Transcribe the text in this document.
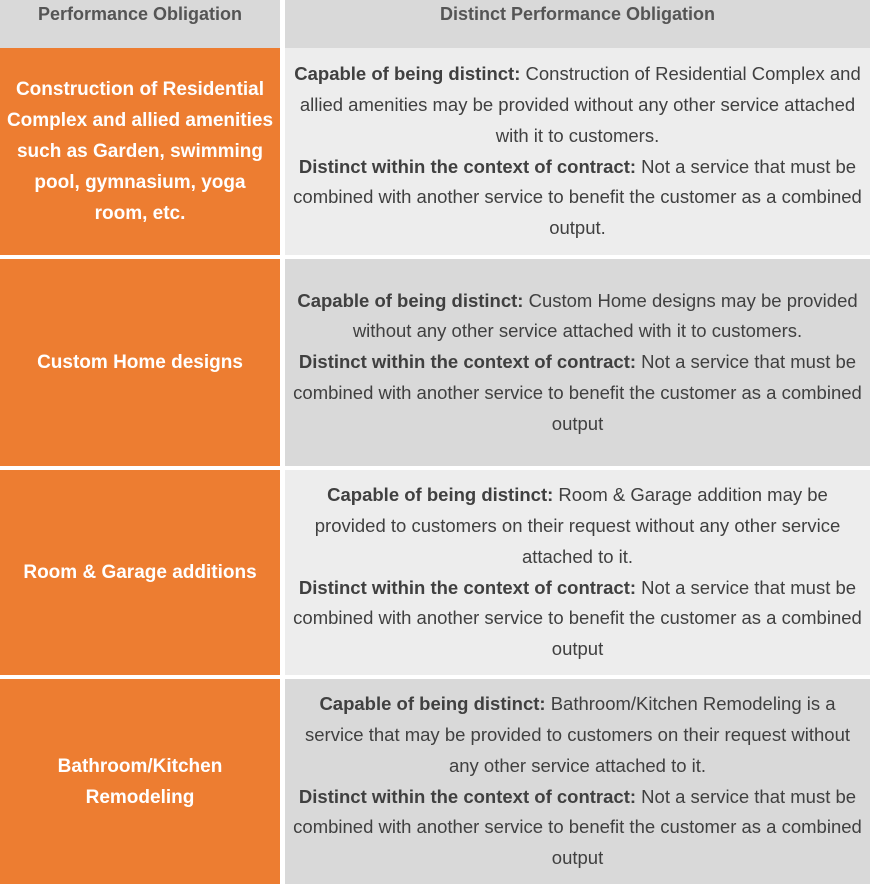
Performance Obligation	Distinct Performance Obligation
Construction of Residential Complex and allied amenities such as Garden, swimming pool, gymnasium, yoga room, etc.

Capable of being distinct: Construction of Residential Complex and allied amenities may be provided without any other service attached with it to customers.

Distinct within the context of contract: Not a service that must be combined with another service to benefit the customer as a combined output.

Custom Home designs

Capable of being distinct: Custom Home designs may be provided without any other service attached with it to customers.

Distinct within the context of contract: Not a service that must be combined with another service to benefit the customer as a combined output

Room & Garage additions

Capable of being distinct: Room & Garage addition may be provided to customers on their request without any other service attached to it.

Distinct within the context of contract: Not a service that must be combined with another service to benefit the customer as a combined output

Bathroom/Kitchen Remodeling

Capable of being distinct: Bathroom/Kitchen Remodeling is a service that may be provided to customers on their request without any other service attached to it.

Distinct within the context of contract: Not a service that must be combined with another service to benefit the customer as a combined output
